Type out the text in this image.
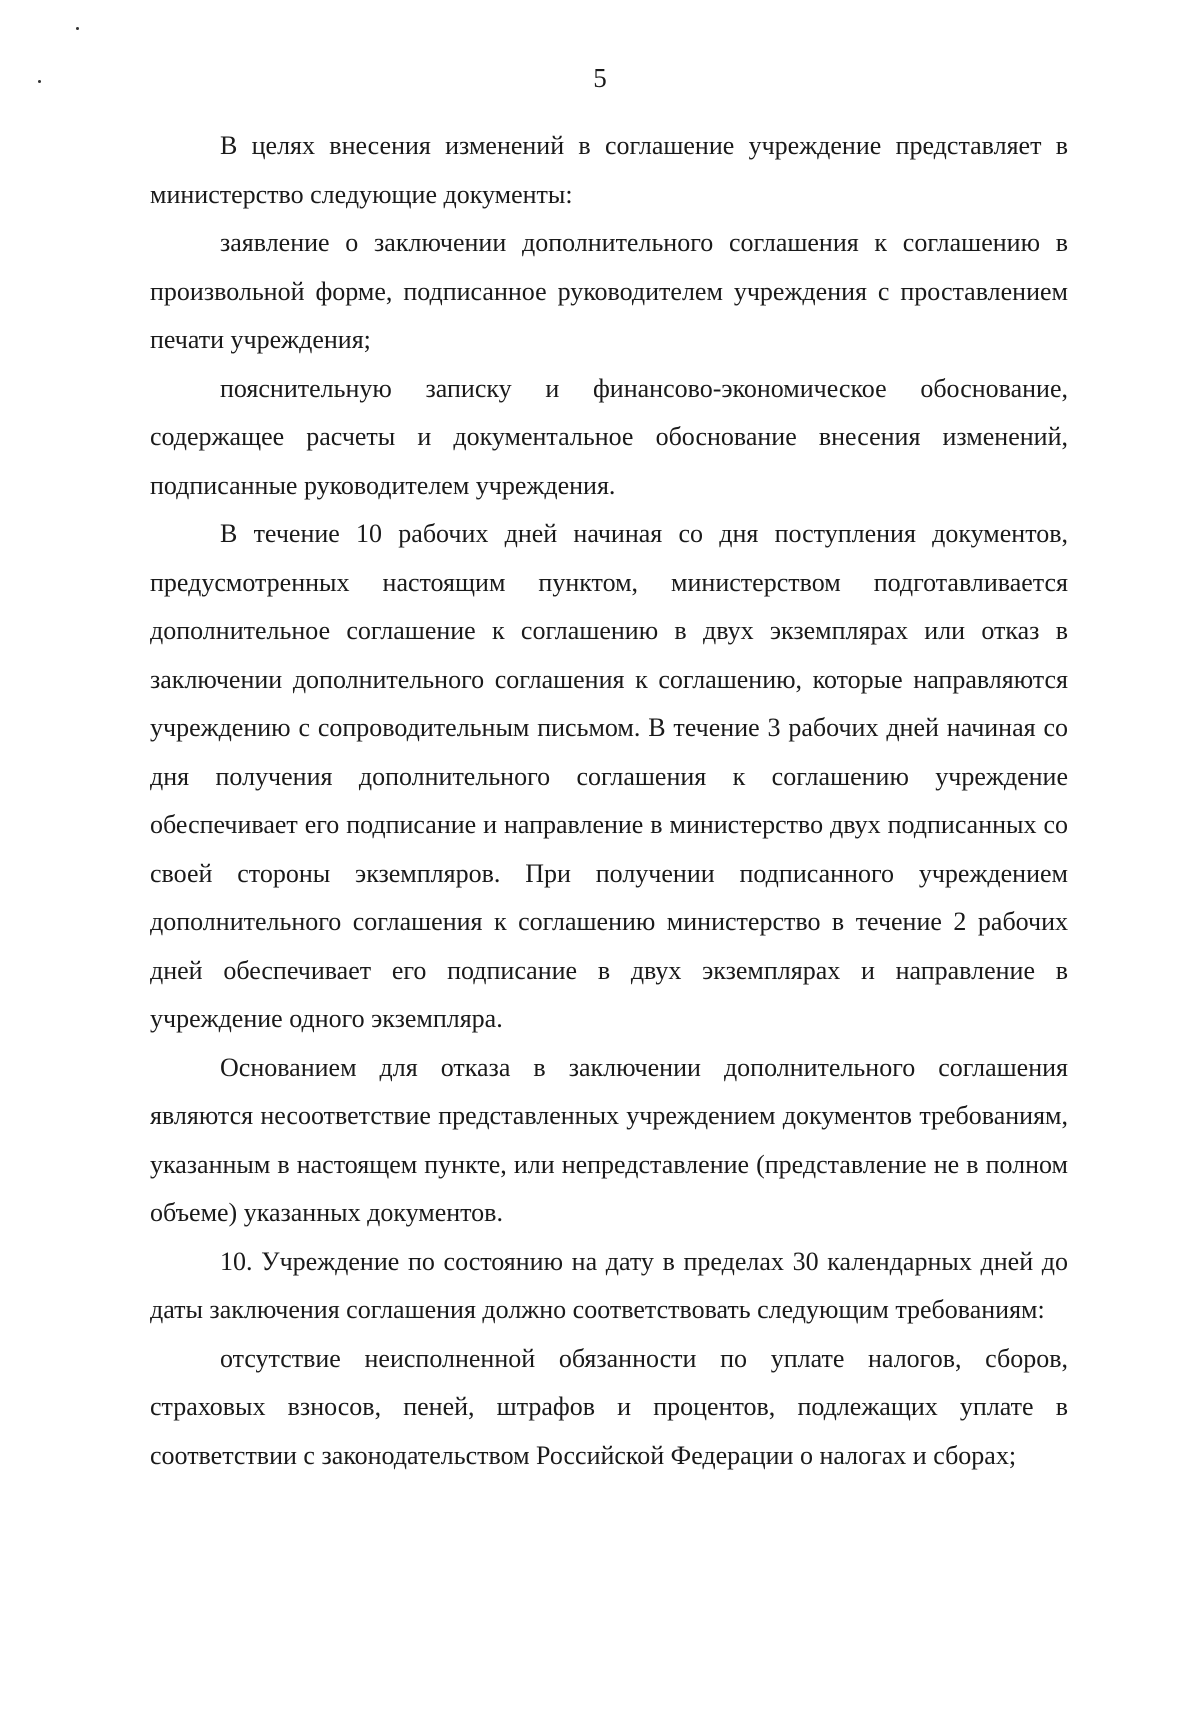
5

В целях внесения изменений в соглашение учреждение представляет в министерство следующие документы:

заявление о заключении дополнительного соглашения к соглашению в произвольной форме, подписанное руководителем учреждения с проставлением печати учреждения;

пояснительную записку и финансово-экономическое обоснование, содержащее расчеты и документальное обоснование внесения изменений, подписанные руководителем учреждения.

В течение 10 рабочих дней начиная со дня поступления документов, предусмотренных настоящим пунктом, министерством подготавливается дополнительное соглашение к соглашению в двух экземплярах или отказ в заключении дополнительного соглашения к соглашению, которые направляются учреждению с сопроводительным письмом. В течение 3 рабочих дней начиная со дня получения дополнительного соглашения к соглашению учреждение обеспечивает его подписание и направление в министерство двух подписанных со своей стороны экземпляров. При получении подписанного учреждением дополнительного соглашения к соглашению министерство в течение 2 рабочих дней обеспечивает его подписание в двух экземплярах и направление в учреждение одного экземпляра.

Основанием для отказа в заключении дополнительного соглашения являются несоответствие представленных учреждением документов требованиям, указанным в настоящем пункте, или непредставление (представление не в полном объеме) указанных документов.

10. Учреждение по состоянию на дату в пределах 30 календарных дней до даты заключения соглашения должно соответствовать следующим требованиям:

отсутствие неисполненной обязанности по уплате налогов, сборов, страховых взносов, пеней, штрафов и процентов, подлежащих уплате в соответствии с законодательством Российской Федерации о налогах и сборах;
